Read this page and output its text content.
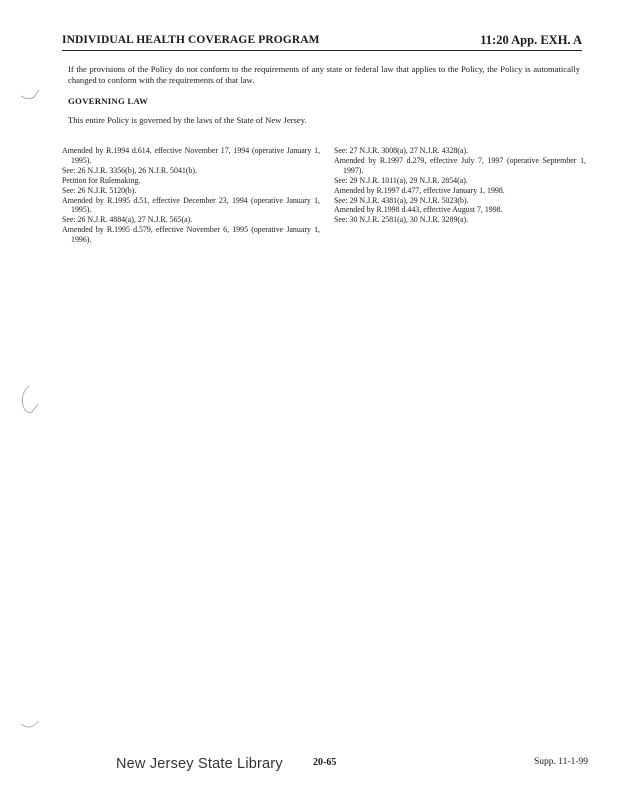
INDIVIDUAL HEALTH COVERAGE PROGRAM	11:20 App. EXH. A
If the provisions of the Policy do not conform to the requirements of any state or federal law that applies to the Policy, the Policy is automatically changed to conform with the requirements of that law.
GOVERNING LAW
This entire Policy is governed by the laws of the State of New Jersey.

Amended by R.1994 d.614, effective November 17, 1994 (operative January 1, 1995).

See: 26 N.J.R. 3356(b), 26 N.J.R. 5041(b).

Petition for Rulemaking.

See: 26 N.J.R. 5120(b).

Amended by R.1995 d.51, effective December 23, 1994 (operative January 1, 1995).

See: 26 N.J.R. 4884(a), 27 N.J.R. 565(a).

Amended by R.1995 d.579, effective November 6, 1995 (operative January 1, 1996).

See: 27 N.J.R. 3008(a), 27 N.J.R. 4328(a).

Amended by R.1997 d.279, effective July 7, 1997 (operative September 1, 1997).

See: 29 N.J.R. 1011(a), 29 N.J.R. 2854(a).

Amended by R.1997 d.477, effective January 1, 1998.

See: 29 N.J.R. 4381(a), 29 N.J.R. 5023(b).

Amended by R.1998 d.443, effective August 7, 1998.

See: 30 N.J.R. 2581(a), 30 N.J.R. 3289(a).

New Jersey State Library	20-65	Supp. 11-1-99
